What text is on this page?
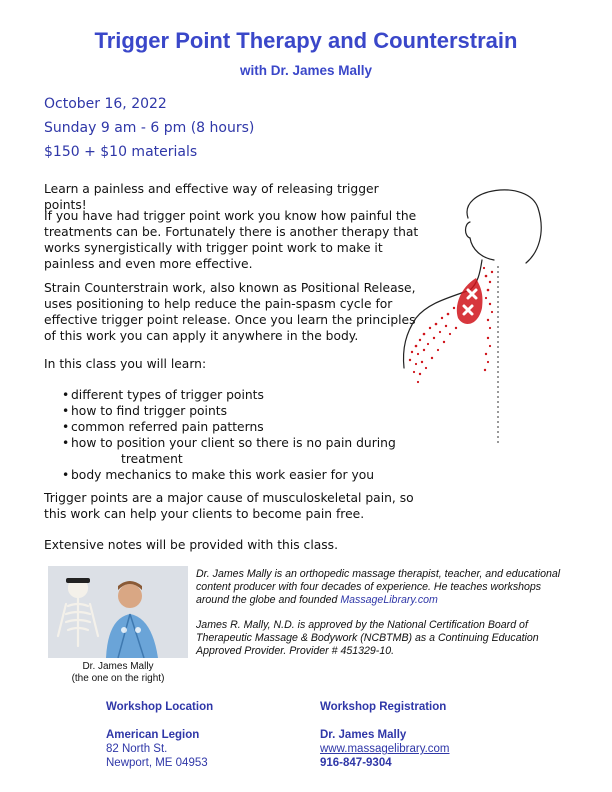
Trigger Point Therapy and Counterstrain
with Dr. James Mally
October 16, 2022
Sunday 9 am - 6 pm (8 hours)
$150 + $10 materials

Learn a painless and effective way of releasing trigger points!

If you have had trigger point work you know how painful the treatments can be. Fortunately there is another therapy that works synergistically with trigger point work to make it painless and even more effective.

Strain Counterstrain work, also known as Positional Release, uses positioning to help reduce the pain-spasm cycle for effective trigger point release. Once you learn the principles of this work you can apply it anywhere in the body.

In this class you will learn:

• different types of trigger points
• how to find trigger points
• common referred pain patterns
• how to position your client so there is no pain during
treatment
• body mechanics to make this work easier for you

Trigger points are a major cause of musculoskeletal pain, so this work can help your clients to become pain free.

Extensive notes will be provided with this class.

Dr. James Mally
(the one on the right)

Dr. James Mally is an orthopedic massage therapist, teacher, and educational content producer with four decades of experience. He teaches workshops around the globe and founded MassageLibrary.com

James R. Mally, N.D. is approved by the National Certification Board of Therapeutic Massage & Bodywork (NCBTMB) as a Continuing Education Approved Provider. Provider # 451329-10.

Workshop Location
American Legion
82 North St.
Newport, ME 04953
Workshop Registration
Dr. James Mally
www.massagelibrary.com
916-847-9304
